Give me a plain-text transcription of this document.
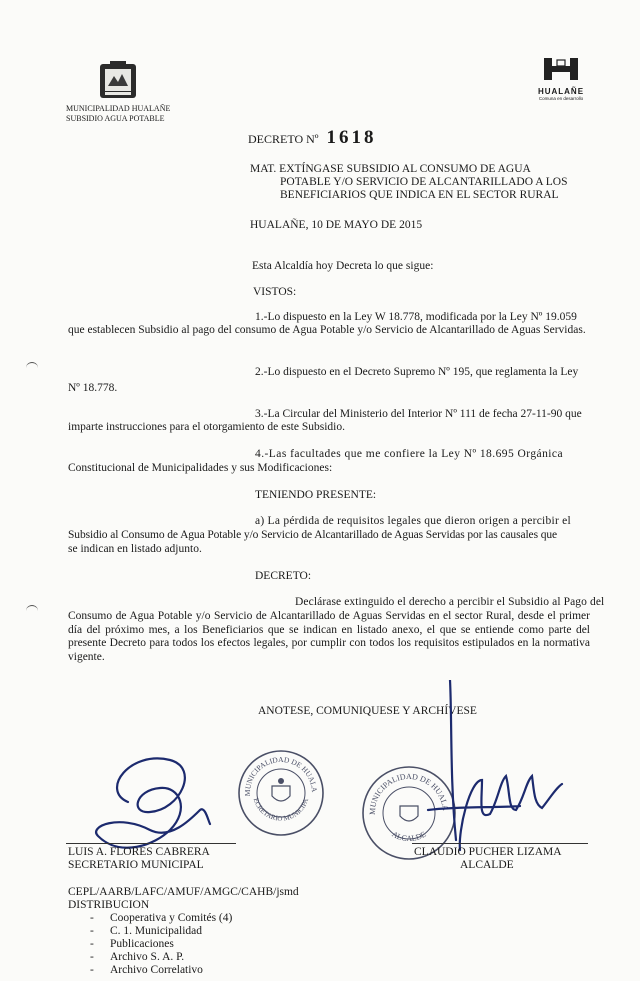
MUNICIPALIDAD HUALAÑE
SUBSIDIO AGUA POTABLE
HUALAÑE
Comuna en desarrollo
DECRETO Nº 1618
MAT. EXTÍNGASE SUBSIDIO AL CONSUMO DE AGUA
POTABLE Y/O SERVICIO DE ALCANTARILLADO A LOS
BENEFICIARIOS QUE INDICA EN EL SECTOR RURAL
HUALAÑE, 10 DE MAYO DE 2015
Esta Alcaldía hoy Decreta lo que sigue:
VISTOS:
1.-Lo dispuesto en la Ley W 18.778, modificada por la Ley Nº 19.059
que establecen Subsidio al pago del consumo de Agua Potable y/o Servicio de Alcantarillado de Aguas Servidas.
2.-Lo dispuesto en el Decreto Supremo Nº 195, que reglamenta la Ley
Nº 18.778.
3.-La Circular del Ministerio del Interior Nº 111 de fecha 27-11-90 que
imparte instrucciones para el otorgamiento de este Subsidio.
4.-Las facultades que me confiere la Ley Nº 18.695 Orgánica
Constitucional de Municipalidades y sus Modificaciones:
TENIENDO PRESENTE:
a) La pérdida de requisitos legales que dieron origen a percibir el
Subsidio al Consumo de Agua Potable y/o Servicio de Alcantarillado de Aguas Servidas por las causales que
se indican en listado adjunto.
DECRETO:
Declárase extinguido el derecho a percibir el Subsidio al Pago del
Consumo de Agua Potable y/o Servicio de Alcantarillado de Aguas Servidas en el sector Rural, desde el primer día del próximo mes, a los Beneficiarios que se indican en listado anexo, el que se entiende como parte del presente Decreto para todos los efectos legales, por cumplir con todos los requisitos estipulados en la normativa vigente.
ANOTESE, COMUNIQUESE Y ARCHÍVESE
MUNICIPALIDAD DE HUALA
ECRETARIO MUNICIPA
MUNICIPALIDAD DE HUALA
ALCALDE
LUIS A. FLORES CABRERA
SECRETARIO MUNICIPAL
CLAUDIO PUCHER LIZAMA
ALCALDE
CEPL/AARB/LAFC/AMUF/AMGC/CAHB/jsmd
DISTRIBUCION
- Cooperativa y Comités (4)
- C. 1. Municipalidad
- Publicaciones
- Archivo S. A. P.
- Archivo Correlativo
